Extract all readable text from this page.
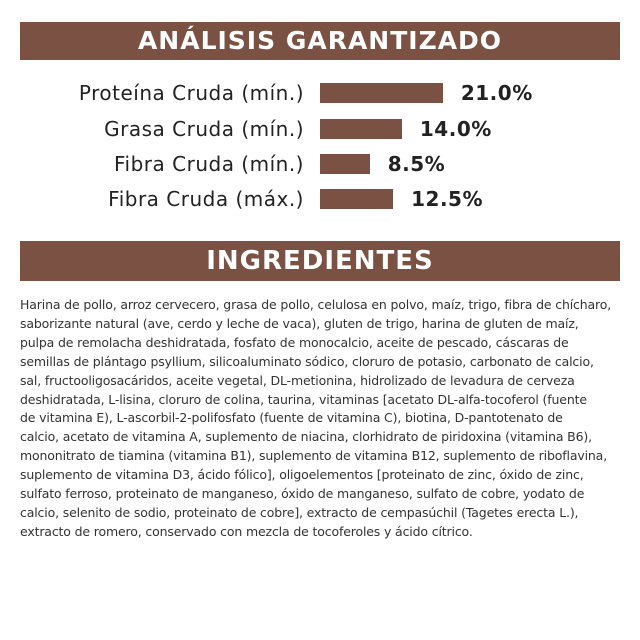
ANÁLISIS GARANTIZADO
Proteína Cruda (mín.)	21.0%
Grasa Cruda (mín.)	14.0%
Fibra Cruda (mín.)	8.5%
Fibra Cruda (máx.)	12.5%
INGREDIENTES
Harina de pollo, arroz cervecero, grasa de pollo, celulosa en polvo, maíz, trigo, fibra de chícharo,
saborizante natural (ave, cerdo y leche de vaca), gluten de trigo, harina de gluten de maíz,
pulpa de remolacha deshidratada, fosfato de monocalcio, aceite de pescado, cáscaras de
semillas de plántago psyllium, silicoaluminato sódico, cloruro de potasio, carbonato de calcio,
sal, fructooligosacáridos, aceite vegetal, DL-metionina, hidrolizado de levadura de cerveza
deshidratada, L-lisina, cloruro de colina, taurina, vitaminas [acetato DL-alfa-tocoferol (fuente
de vitamina E), L-ascorbil-2-polifosfato (fuente de vitamina C), biotina, D-pantotenato de
calcio, acetato de vitamina A, suplemento de niacina, clorhidrato de piridoxina (vitamina B6),
mononitrato de tiamina (vitamina B1), suplemento de vitamina B12, suplemento de riboflavina,
suplemento de vitamina D3, ácido fólico], oligoelementos [proteinato de zinc, óxido de zinc,
sulfato ferroso, proteinato de manganeso, óxido de manganeso, sulfato de cobre, yodato de
calcio, selenito de sodio, proteinato de cobre], extracto de cempasúchil (Tagetes erecta L.),
extracto de romero, conservado con mezcla de tocoferoles y ácido cítrico.
